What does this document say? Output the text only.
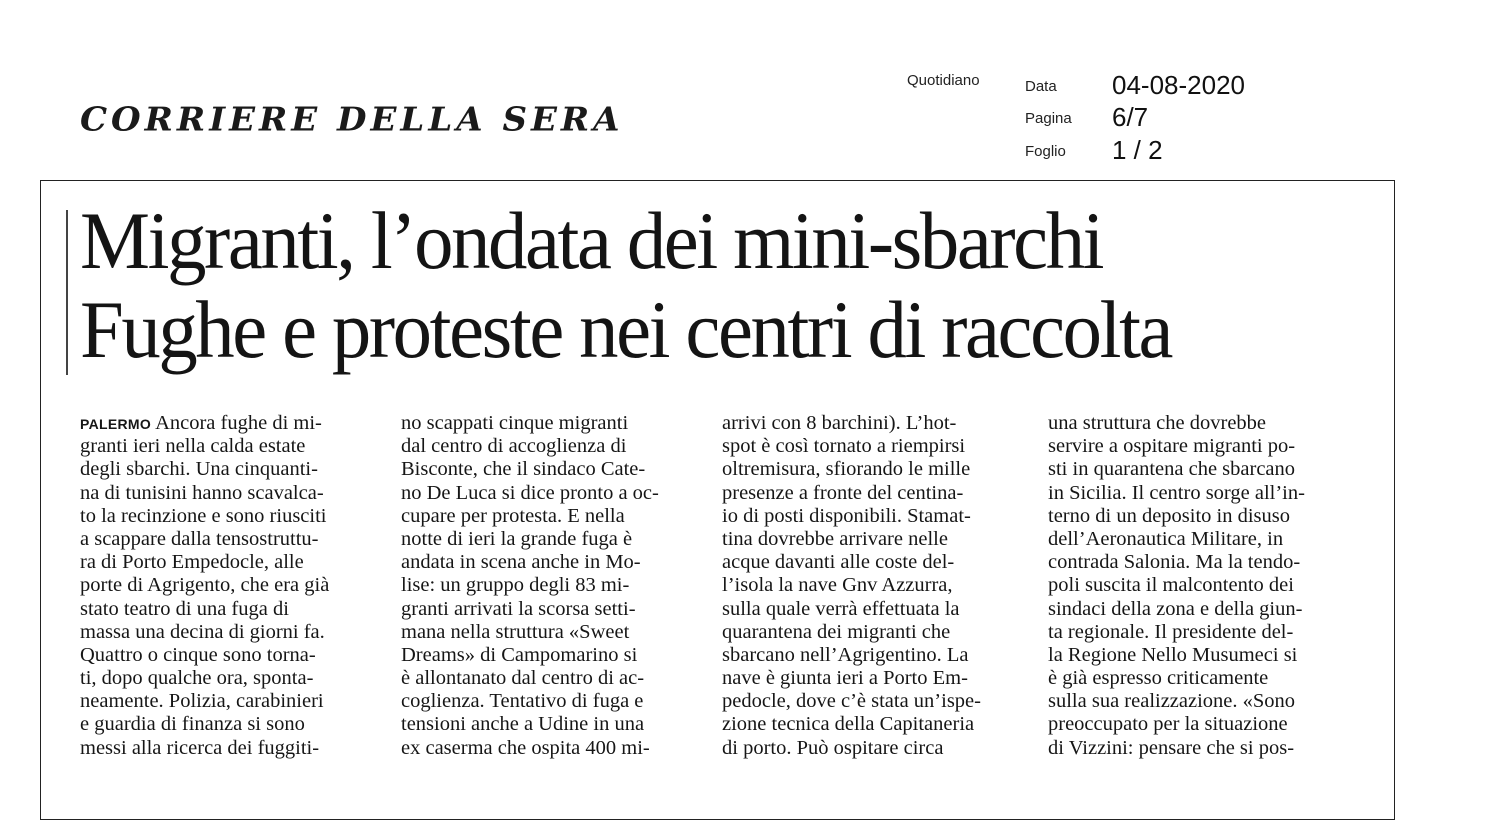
CORRIERE DELLA SERA
Quotidiano	Data 04-08-2020
Pagina 6/7
Foglio 1 / 2
Migranti, l’ondata dei mini-sbarchi
Fughe e proteste nei centri di raccolta
PALERMO Ancora fughe di mi-
granti ieri nella calda estate
degli sbarchi. Una cinquanti-
na di tunisini hanno scavalca-
to la recinzione e sono riusciti
a scappare dalla tensostruttu-
ra di Porto Empedocle, alle
porte di Agrigento, che era già
stato teatro di una fuga di
massa una decina di giorni fa.
Quattro o cinque sono torna-
ti, dopo qualche ora, sponta-
neamente. Polizia, carabinieri
e guardia di finanza si sono
messi alla ricerca dei fuggiti-
no scappati cinque migranti
dal centro di accoglienza di
Bisconte, che il sindaco Cate-
no De Luca si dice pronto a oc-
cupare per protesta. E nella
notte di ieri la grande fuga è
andata in scena anche in Mo-
lise: un gruppo degli 83 mi-
granti arrivati la scorsa setti-
mana nella struttura «Sweet
Dreams» di Campomarino si
è allontanato dal centro di ac-
coglienza. Tentativo di fuga e
tensioni anche a Udine in una
ex caserma che ospita 400 mi-
arrivi con 8 barchini). L’hot-
spot è così tornato a riempirsi
oltremisura, sfiorando le mille
presenze a fronte del centina-
io di posti disponibili. Stamat-
tina dovrebbe arrivare nelle
acque davanti alle coste del-
l’isola la nave Gnv Azzurra,
sulla quale verrà effettuata la
quarantena dei migranti che
sbarcano nell’Agrigentino. La
nave è giunta ieri a Porto Em-
pedocle, dove c’è stata un’ispe-
zione tecnica della Capitaneria
di porto. Può ospitare circa
una struttura che dovrebbe
servire a ospitare migranti po-
sti in quarantena che sbarcano
in Sicilia. Il centro sorge all’in-
terno di un deposito in disuso
dell’Aeronautica Militare, in
contrada Salonia. Ma la tendo-
poli suscita il malcontento dei
sindaci della zona e della giun-
ta regionale. Il presidente del-
la Regione Nello Musumeci si
è già espresso criticamente
sulla sua realizzazione. «Sono
preoccupato per la situazione
di Vizzini: pensare che si pos-
